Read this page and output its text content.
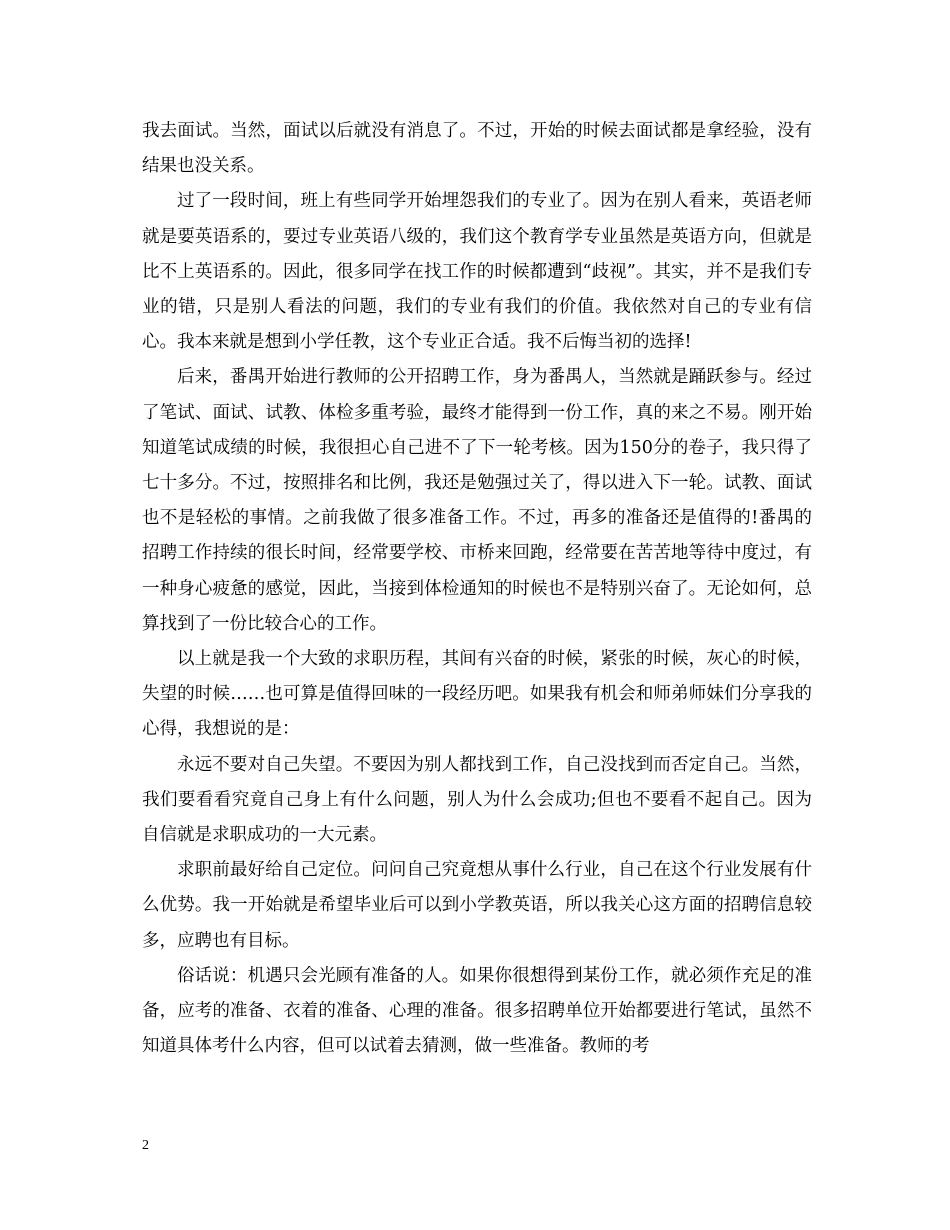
我去面试。当然，面试以后就没有消息了。不过，开始的时候去面试都是拿经验，没有结果也没关系。

过了一段时间，班上有些同学开始埋怨我们的专业了。因为在别人看来，英语老师就是要英语系的，要过专业英语八级的，我们这个教育学专业虽然是英语方向，但就是比不上英语系的。因此，很多同学在找工作的时候都遭到“歧视”。其实，并不是我们专业的错，只是别人看法的问题，我们的专业有我们的价值。我依然对自己的专业有信心。我本来就是想到小学任教，这个专业正合适。我不后悔当初的选择!

后来，番禺开始进行教师的公开招聘工作，身为番禺人，当然就是踊跃参与。经过了笔试、面试、试教、体检多重考验，最终才能得到一份工作，真的来之不易。刚开始知道笔试成绩的时候，我很担心自己进不了下一轮考核。因为150分的卷子，我只得了七十多分。不过，按照排名和比例，我还是勉强过关了，得以进入下一轮。试教、面试也不是轻松的事情。之前我做了很多准备工作。不过，再多的准备还是值得的!番禺的招聘工作持续的很长时间，经常要学校、市桥来回跑，经常要在苦苦地等待中度过，有一种身心疲惫的感觉，因此，当接到体检通知的时候也不是特别兴奋了。无论如何，总算找到了一份比较合心的工作。

以上就是我一个大致的求职历程，其间有兴奋的时候，紧张的时候，灰心的时候，失望的时候……也可算是值得回味的一段经历吧。如果我有机会和师弟师妹们分享我的心得，我想说的是：

永远不要对自己失望。不要因为别人都找到工作，自己没找到而否定自己。当然，我们要看看究竟自己身上有什么问题，别人为什么会成功;但也不要看不起自己。因为自信就是求职成功的一大元素。

求职前最好给自己定位。问问自己究竟想从事什么行业，自己在这个行业发展有什么优势。我一开始就是希望毕业后可以到小学教英语，所以我关心这方面的招聘信息较多，应聘也有目标。

俗话说：机遇只会光顾有准备的人。如果你很想得到某份工作，就必须作充足的准备，应考的准备、衣着的准备、心理的准备。很多招聘单位开始都要进行笔试，虽然不知道具体考什么内容，但可以试着去猜测，做一些准备。教师的考

2
